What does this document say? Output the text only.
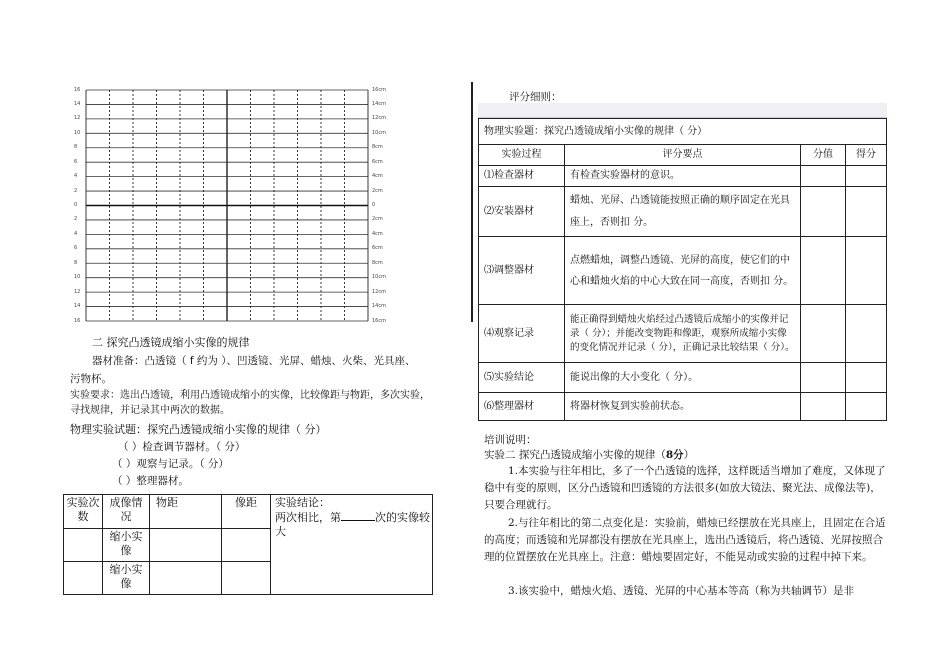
16
14
12
10
8
6
4
2
0
2
4
6
8
10
12
14
16
16cm
14cm
12cm
10cm
8cm
6cm
4cm
2cm
0
2cm
4cm
6cm
8cm
10cm
12cm
14cm
16cm
二 探究凸透镜成缩小实像的规律
器材准备：凸透镜（ f 约为 ）、凹透镜、光屏、蜡烛、火柴、光具座、
污物杯。
实验要求：选出凸透镜，利用凸透镜成缩小的实像，比较像距与物距，多次实验，
寻找规律，并记录其中两次的数据。
物理实验试题：探究凸透镜成缩小实像的规律（ 分）
（ ）检查调节器材。（ 分）
（ ）观察与记录。（ 分）
（ ）整理器材。
实验次数	成像情况	物距	像距	实验结论：
两次相比，第 次的实像较大

	缩小实像			
	缩小实像			
评分细则：
物理实验题：探究凸透镜成缩小实像的规律（ 分）			
实验过程	评分要点	分值	得分
⑴检查器材	有检查实验器材的意识。		
⑵安装器材	蜡烛、光屏、凸透镜能按照正确的顺序固定在光具座上，否则扣 分。		
⑶调整器材	点燃蜡烛，调整凸透镜、光屏的高度，使它们的中心和蜡烛火焰的中心大致在同一高度，否则扣 分。		
⑷观察记录	能正确得到蜡烛火焰经过凸透镜后成缩小的实像并记录（ 分）；并能改变物距和像距，观察所成缩小实像的变化情况并记录（ 分），正确记录比较结果（ 分）。		
⑸实验结论	能说出像的大小变化（ 分）。		
⑹整理器材	将器材恢复到实验前状态。		
培训说明：
实验二 探究凸透镜成缩小实像的规律（8分）
1.本实验与往年相比，多了一个凸透镜的选择，这样既适当增加了难度，又体现了稳中有变的原则，区分凸透镜和凹透镜的方法很多(如放大镜法、聚光法、成像法等)，只要合理就行。
2.与往年相比的第二点变化是：实验前，蜡烛已经摆放在光具座上，且固定在合适的高度；而透镜和光屏都没有摆放在光具座上，选出凸透镜后，将凸透镜、光屏按照合理的位置摆放在光具座上。注意：蜡烛要固定好，不能晃动或实验的过程中掉下来。
3.该实验中，蜡烛火焰、透镜、光屏的中心基本等高（称为共轴调节）是非
